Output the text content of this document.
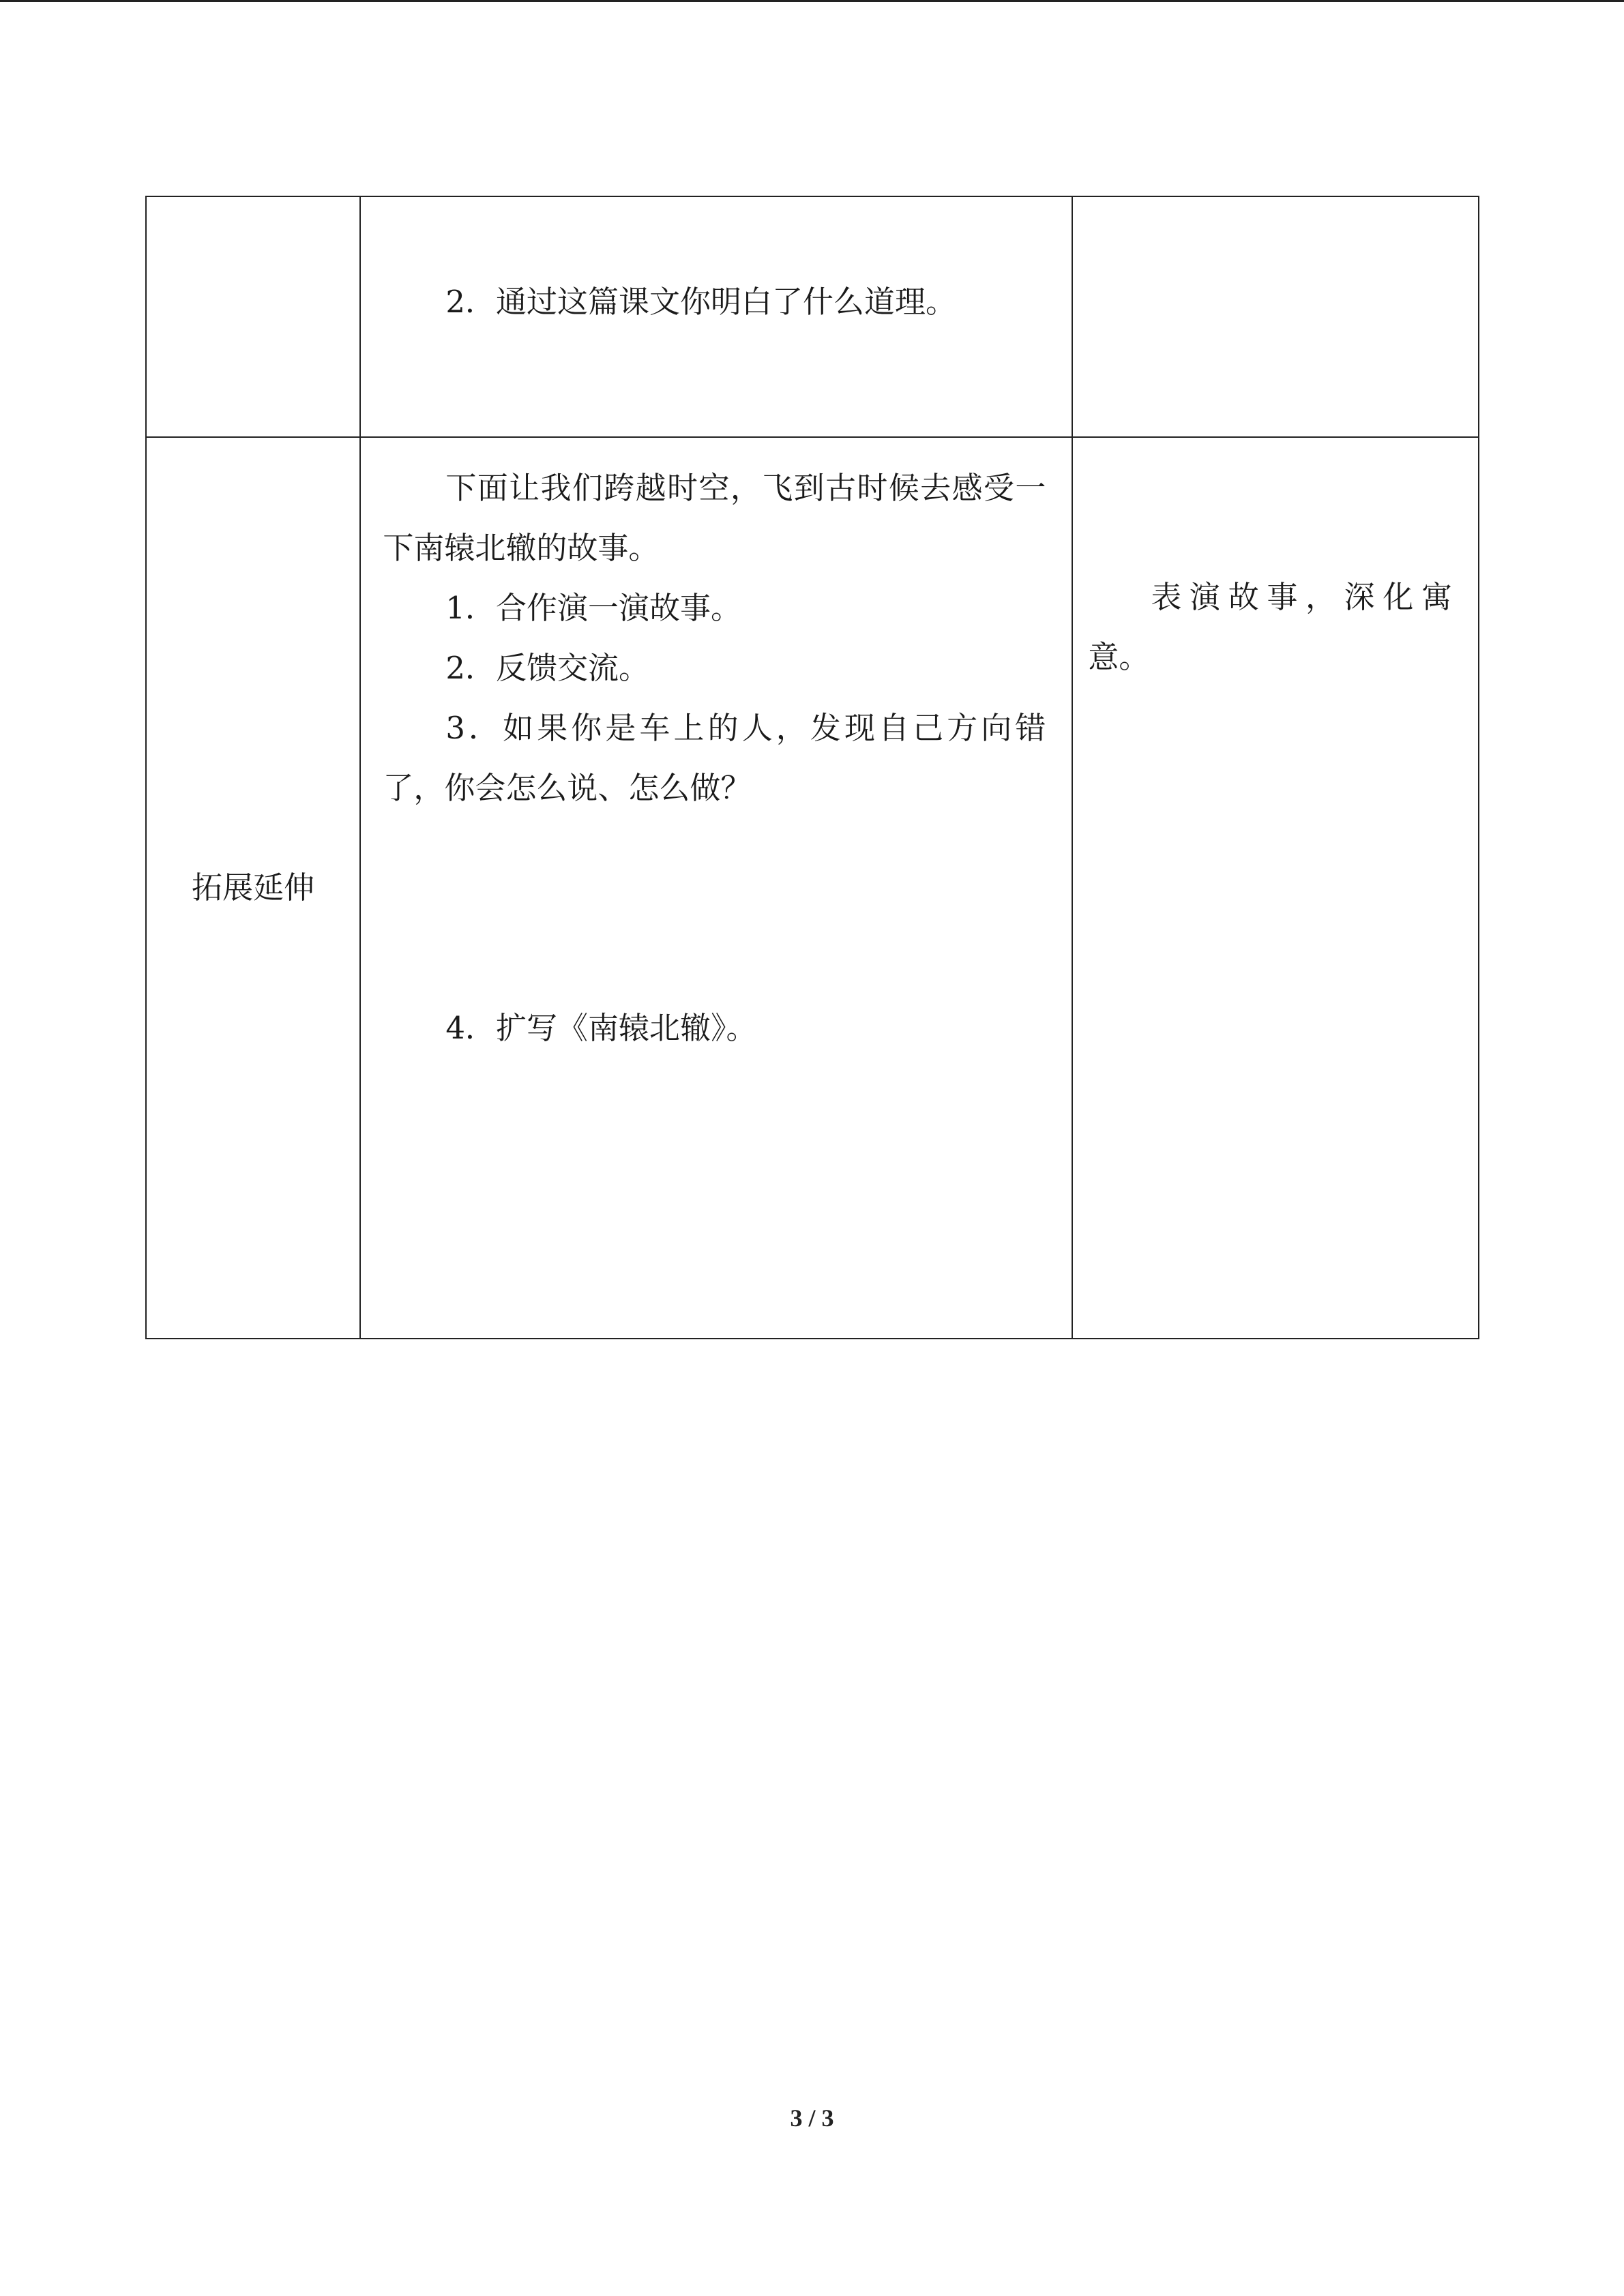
	2．通过这篇课文你明白了什么道理。	

拓展延伸	下面让我们跨越时空，飞到古时候去感受一下南辕北辙的故事。

1．合作演一演故事。

2．反馈交流。

3．如果你是车上的人，发现自己方向错了，你会怎么说、怎么做？

4．扩写《南辕北辙》。	表演故事，深化寓意。

3 / 3
